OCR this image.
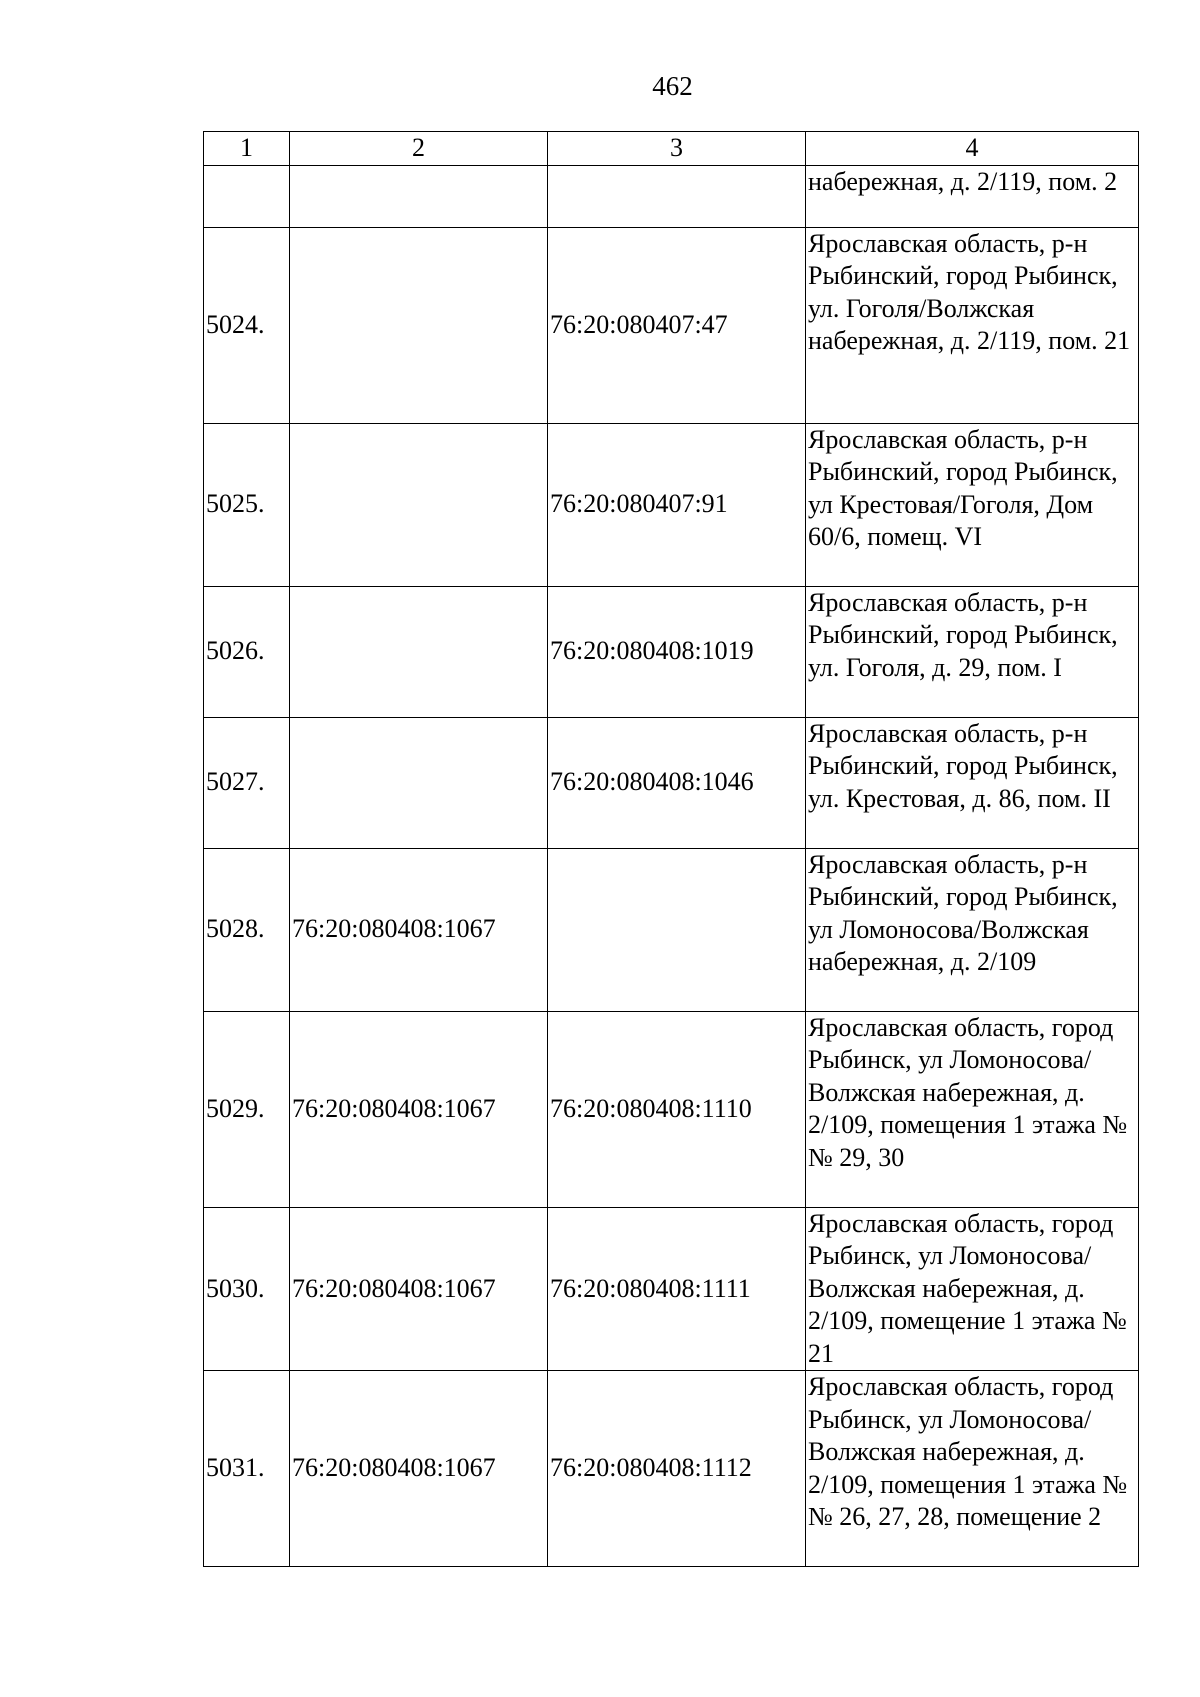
462
1	2	3	4
			набережная, д. 2/119, пом. 2
5024.		76:20:080407:47	Ярославская область, р-н Рыбинский, город Рыбинск, ул. Гоголя/Волжская набережная, д. 2/119, пом. 21
5025.		76:20:080407:91	Ярославская область, р-н Рыбинский, город Рыбинск, ул Крестовая/Гоголя, Дом 60/6, помещ. VI
5026.		76:20:080408:1019	Ярославская область, р-н Рыбинский, город Рыбинск, ул. Гоголя, д. 29, пом. I
5027.		76:20:080408:1046	Ярославская область, р-н Рыбинский, город Рыбинск, ул. Крестовая, д. 86, пом. II
5028.	76:20:080408:1067		Ярославская область, р-н Рыбинский, город Рыбинск, ул Ломоносова/Волжская набережная, д. 2/109
5029.	76:20:080408:1067	76:20:080408:1110	Ярославская область, город Рыбинск, ул Ломоносова/Волжская набережная, д. 2/109, помещения 1 этажа №№ 29, 30
5030.	76:20:080408:1067	76:20:080408:1111	Ярославская область, город Рыбинск, ул Ломоносова/Волжская набережная, д. 2/109, помещение 1 этажа № 21
5031.	76:20:080408:1067	76:20:080408:1112	Ярославская область, город Рыбинск, ул Ломоносова/Волжская набережная, д. 2/109, помещения 1 этажа №№ 26, 27, 28, помещение 2
